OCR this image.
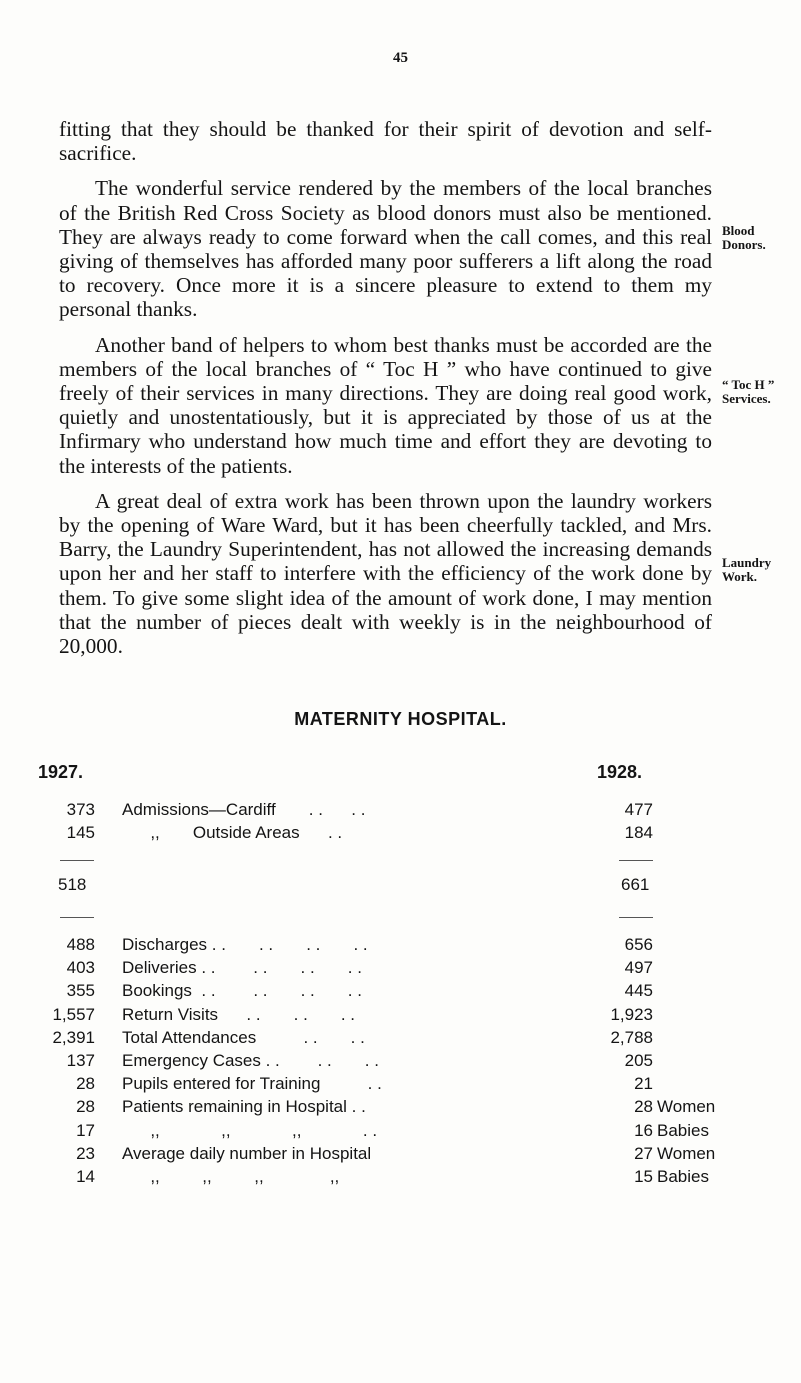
45

fitting that they should be thanked for their spirit of devotion and self-sacrifice.

The wonderful service rendered by the members of the local branches of the British Red Cross Society as blood donors must also be mentioned. They are always ready to come forward when the call comes, and this real giving of themselves has afforded many poor sufferers a lift along the road to recovery. Once more it is a sincere pleasure to extend to them my personal thanks.

Another band of helpers to whom best thanks must be accorded are the members of the local branches of “ Toc H ” who have continued to give freely of their services in many directions. They are doing real good work, quietly and unostentatiously, but it is appreciated by those of us at the Infirmary who understand how much time and effort they are devoting to the interests of the patients.

A great deal of extra work has been thrown upon the laundry workers by the opening of Ware Ward, but it has been cheerfully tackled, and Mrs. Barry, the Laundry Superintendent, has not allowed the increasing demands upon her and her staff to interfere with the efficiency of the work done by them. To give some slight idea of the amount of work done, I may mention that the number of pieces dealt with weekly is in the neighbourhood of 20,000.

Blood Donors.
“ Toc H ” Services.
Laundry Work.
MATERNITY HOSPITAL.
1927.	1928.
373 Admissions—Cardiff       . .      . .	477
145 ,,       Outside Areas      . .	184
518	661
488 Discharges . .       . .       . .       . .	656
403 Deliveries . .        . .       . .       . .	497
355 Bookings  . .        . .       . .       . .	445
1,557 Return Visits      . .       . .       . .	1,923
2,391 Total Attendances          . .       . .	2,788
137 Emergency Cases . .        . .       . .	205
28 Pupils entered for Training          . .	21
28 Patients remaining in Hospital . .	28 Women
17 ,,             ,,             ,,             . .	16 Babies
23 Average daily number in Hospital	27 Women
14 ,,         ,,         ,,              ,,	15 Babies
